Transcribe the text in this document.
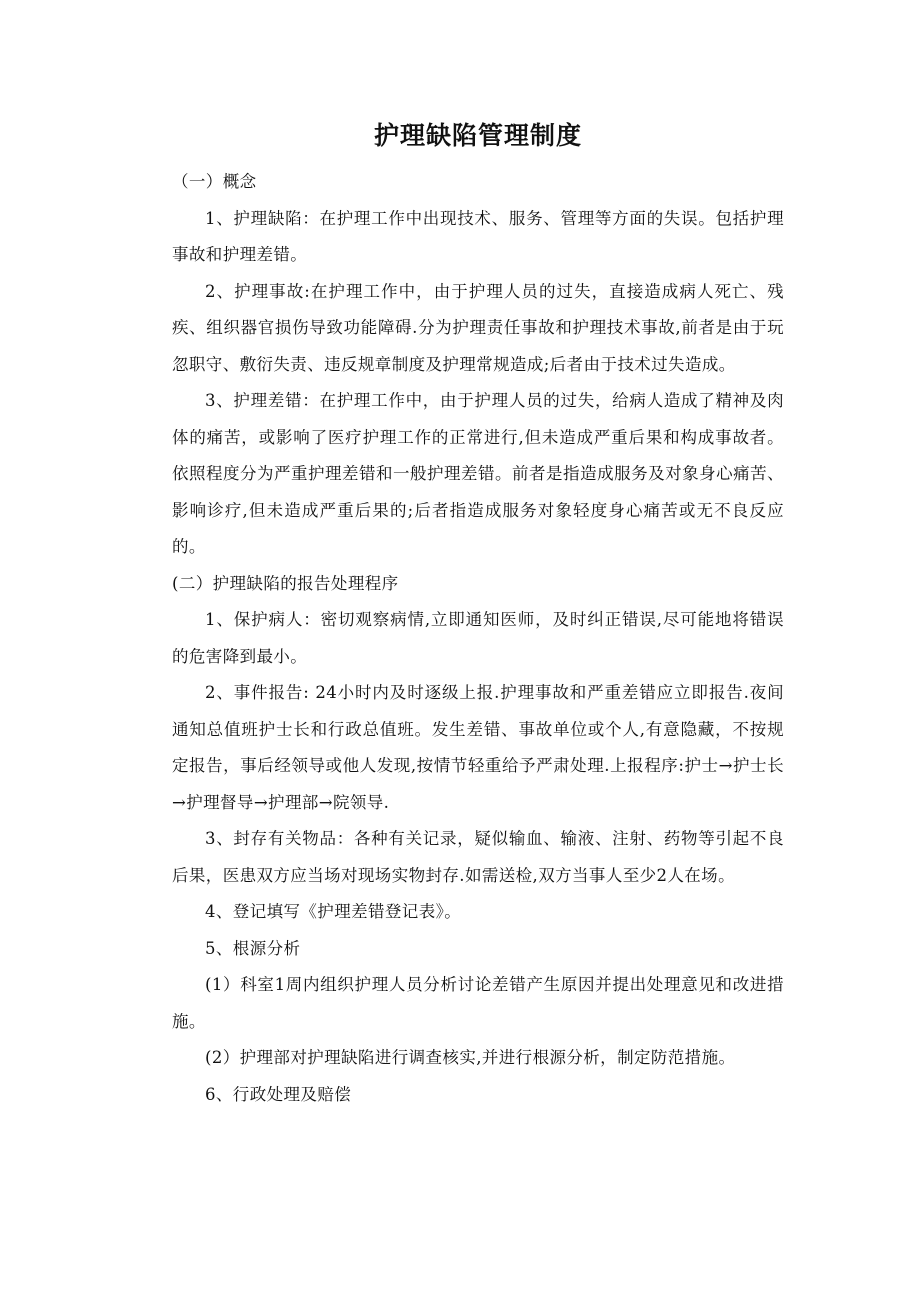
护理缺陷管理制度

（一）概念

1、护理缺陷：在护理工作中出现技术、服务、管理等方面的失误。包括护理事故和护理差错。

2、护理事故:在护理工作中，由于护理人员的过失，直接造成病人死亡、残疾、组织器官损伤导致功能障碍.分为护理责任事故和护理技术事故,前者是由于玩忽职守、敷衍失责、违反规章制度及护理常规造成;后者由于技术过失造成。

3、护理差错：在护理工作中，由于护理人员的过失，给病人造成了精神及肉体的痛苦，或影响了医疗护理工作的正常进行,但未造成严重后果和构成事故者。依照程度分为严重护理差错和一般护理差错。前者是指造成服务及对象身心痛苦、影响诊疗,但未造成严重后果的;后者指造成服务对象轻度身心痛苦或无不良反应的。

(二）护理缺陷的报告处理程序

1、保护病人：密切观察病情,立即通知医师，及时纠正错误,尽可能地将错误的危害降到最小。

2、事件报告: 24小时内及时逐级上报.护理事故和严重差错应立即报告.夜间通知总值班护士长和行政总值班。发生差错、事故单位或个人,有意隐藏，不按规定报告，事后经领导或他人发现,按情节轻重给予严肃处理.上报程序:护士→护士长→护理督导→护理部→院领导.

3、封存有关物品：各种有关记录，疑似输血、输液、注射、药物等引起不良后果，医患双方应当场对现场实物封存.如需送检,双方当事人至少2人在场。

4、登记填写《护理差错登记表》。

5、根源分析

(1）科室1周内组织护理人员分析讨论差错产生原因并提出处理意见和改进措施。

(2）护理部对护理缺陷进行调查核实,并进行根源分析，制定防范措施。

6、行政处理及赔偿
